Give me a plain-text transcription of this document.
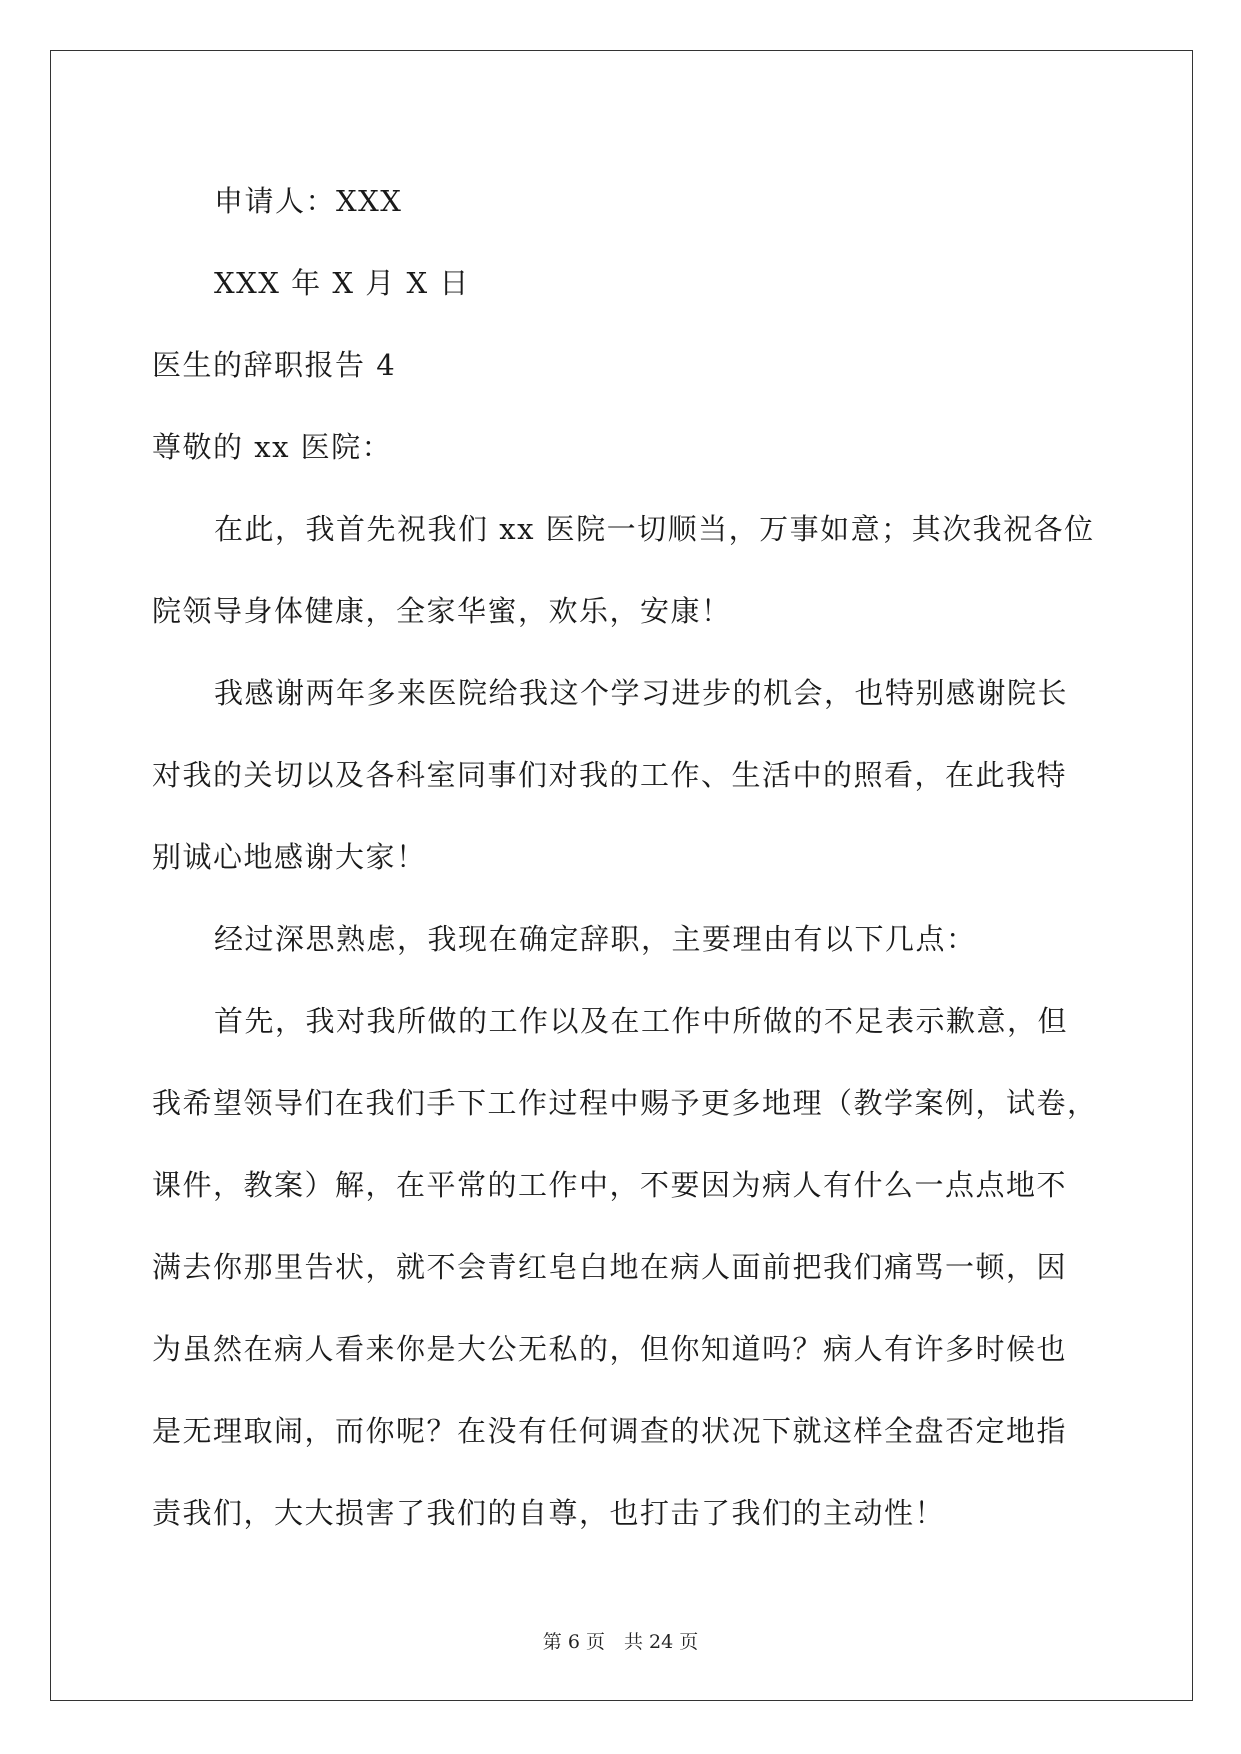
申请人：XXX
XXX 年 X 月 X 日
医生的辞职报告 4
尊敬的 xx 医院：
在此，我首先祝我们 xx 医院一切顺当，万事如意；其次我祝各位
院领导身体健康，全家华蜜，欢乐，安康！
我感谢两年多来医院给我这个学习进步的机会，也特别感谢院长
对我的关切以及各科室同事们对我的工作、生活中的照看，在此我特
别诚心地感谢大家！
经过深思熟虑，我现在确定辞职，主要理由有以下几点：
首先，我对我所做的工作以及在工作中所做的不足表示歉意，但
我希望领导们在我们手下工作过程中赐予更多地理（教学案例，试卷，
课件，教案）解，在平常的工作中，不要因为病人有什么一点点地不
满去你那里告状，就不会青红皂白地在病人面前把我们痛骂一顿，因
为虽然在病人看来你是大公无私的，但你知道吗？病人有许多时候也
是无理取闹，而你呢？在没有任何调查的状况下就这样全盘否定地指
责我们，大大损害了我们的自尊，也打击了我们的主动性！
第 6 页　共 24 页
